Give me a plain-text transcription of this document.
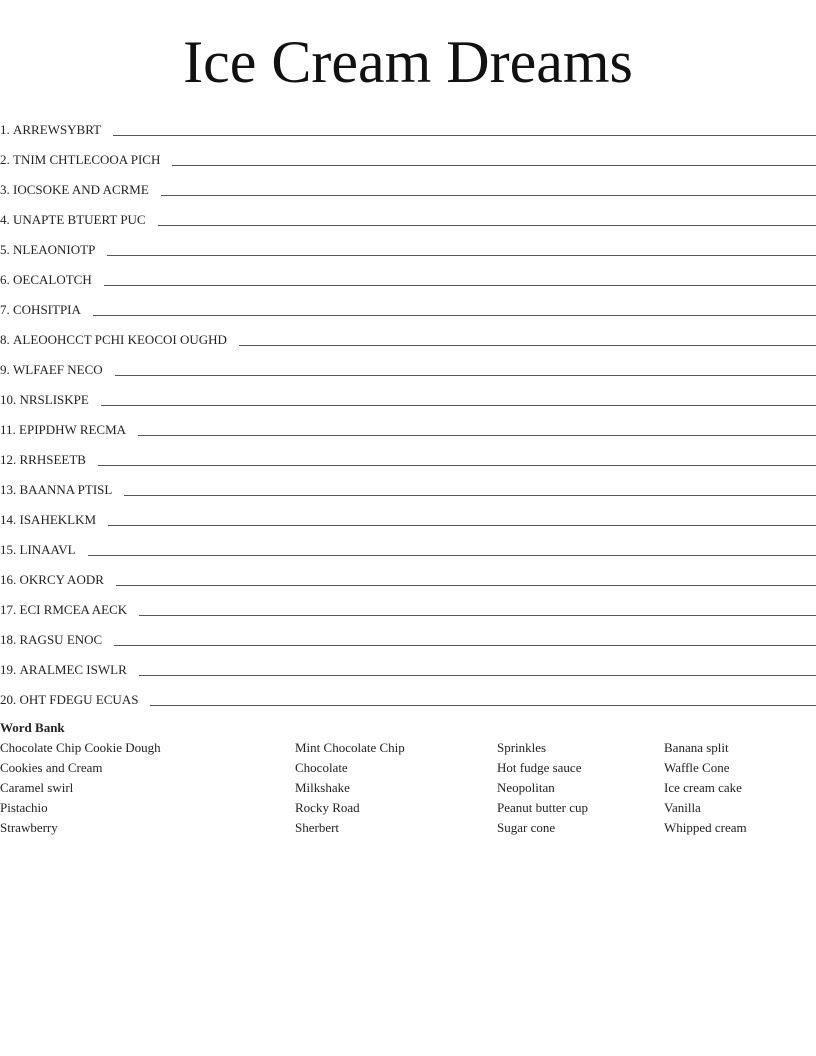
Ice Cream Dreams
1.
ARREWSYBRT
2.
TNIM CHTLECOOA PICH
3.
IOCSOKE AND ACRME
4.
UNAPTE BTUERT PUC
5.
NLEAONIOTP
6.
OECALOTCH
7.
COHSITPIA
8.
ALEOOHCCT PCHI KEOCOI OUGHD
9.
WLFAEF NECO
10.
NRSLISKPE
11.
EPIPDHW RECMA
12.
RRHSEETB
13.
BAANNA PTISL
14.
ISAHEKLKM
15.
LINAAVL
16.
OKRCY AODR
17.
ECI RMCEA AECK
18.
RAGSU ENOC
19.
ARALMEC ISWLR
20.
OHT FDEGU ECUAS
Word Bank
Chocolate Chip Cookie Dough
Cookies and Cream
Caramel swirl
Pistachio
Strawberry
Mint Chocolate Chip
Chocolate
Milkshake
Rocky Road
Sherbert
Sprinkles
Hot fudge sauce
Neopolitan
Peanut butter cup
Sugar cone
Banana split
Waffle Cone
Ice cream cake
Vanilla
Whipped cream
